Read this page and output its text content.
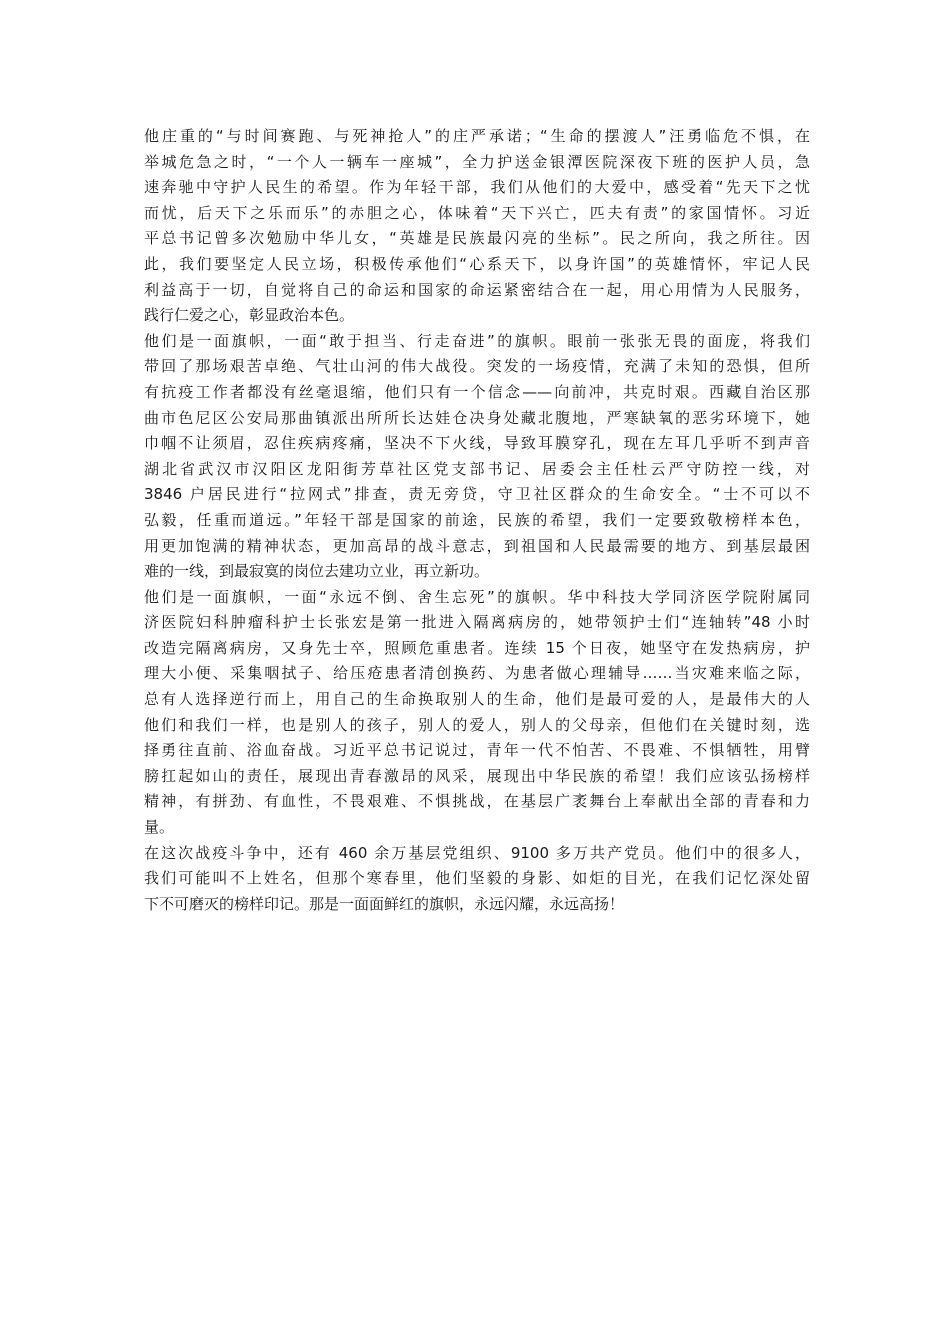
他庄重的“与时间赛跑、与死神抢人”的庄严承诺；“生命的摆渡人”汪勇临危不惧，在
举城危急之时，“一个人一辆车一座城”，全力护送金银潭医院深夜下班的医护人员，急
速奔驰中守护人民生的希望。作为年轻干部，我们从他们的大爱中，感受着“先天下之忧
而忧，后天下之乐而乐”的赤胆之心，体味着“天下兴亡，匹夫有责”的家国情怀。习近
平总书记曾多次勉励中华儿女，“英雄是民族最闪亮的坐标”。民之所向，我之所往。因
此，我们要坚定人民立场，积极传承他们“心系天下，以身许国”的英雄情怀，牢记人民
利益高于一切，自觉将自己的命运和国家的命运紧密结合在一起，用心用情为人民服务，
践行仁爱之心，彰显政治本色。
他们是一面旗帜，一面“敢于担当、行走奋进”的旗帜。眼前一张张无畏的面庞，将我们
带回了那场艰苦卓绝、气壮山河的伟大战役。突发的一场疫情，充满了未知的恐惧，但所
有抗疫工作者都没有丝毫退缩，他们只有一个信念——向前冲，共克时艰。西藏自治区那
曲市色尼区公安局那曲镇派出所所长达娃仓决身处藏北腹地，严寒缺氧的恶劣环境下，她
巾帼不让须眉，忍住疾病疼痛，坚决不下火线，导致耳膜穿孔，现在左耳几乎听不到声音
湖北省武汉市汉阳区龙阳街芳草社区党支部书记、居委会主任杜云严守防控一线，对
3846 户居民进行“拉网式”排查，责无旁贷，守卫社区群众的生命安全。“士不可以不
弘毅，任重而道远。”年轻干部是国家的前途，民族的希望，我们一定要致敬榜样本色，
用更加饱满的精神状态，更加高昂的战斗意志，到祖国和人民最需要的地方、到基层最困
难的一线，到最寂寞的岗位去建功立业，再立新功。
他们是一面旗帜，一面“永远不倒、舍生忘死”的旗帜。华中科技大学同济医学院附属同
济医院妇科肿瘤科护士长张宏是第一批进入隔离病房的，她带领护士们“连轴转”48 小时
改造完隔离病房，又身先士卒，照顾危重患者。连续 15 个日夜，她坚守在发热病房，护
理大小便、采集咽拭子、给压疮患者清创换药、为患者做心理辅导……当灾难来临之际，
总有人选择逆行而上，用自己的生命换取别人的生命，他们是最可爱的人，是最伟大的人
他们和我们一样，也是别人的孩子，别人的爱人，别人的父母亲，但他们在关键时刻，选
择勇往直前、浴血奋战。习近平总书记说过，青年一代不怕苦、不畏难、不惧牺牲，用臂
膀扛起如山的责任，展现出青春激昂的风采，展现出中华民族的希望！我们应该弘扬榜样
精神，有拼劲、有血性，不畏艰难、不惧挑战，在基层广袤舞台上奉献出全部的青春和力
量。
在这次战疫斗争中，还有 460 余万基层党组织、9100 多万共产党员。他们中的很多人，
我们可能叫不上姓名，但那个寒春里，他们坚毅的身影、如炬的目光，在我们记忆深处留
下不可磨灭的榜样印记。那是一面面鲜红的旗帜，永远闪耀，永远高扬！
